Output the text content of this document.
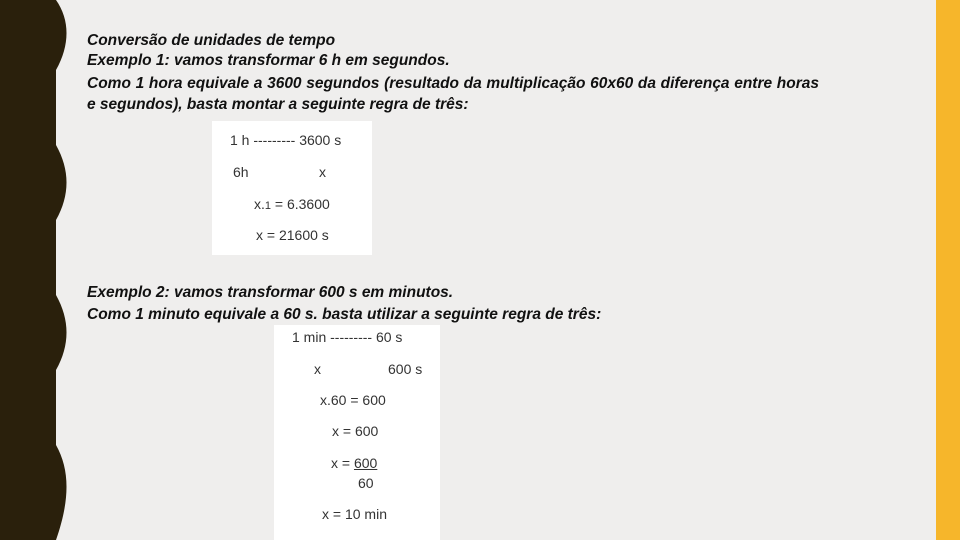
Conversão de unidades de tempo
Exemplo 1: vamos transformar 6 h em segundos.
Como 1 hora equivale a 3600 segundos (resultado da multiplicação 60x60 da diferença entre horas e segundos), basta montar a seguinte regra de três:
1 h --------- 3600 s
6h	x
x.1 = 6.3600
x = 21600 s
Exemplo 2: vamos transformar 600 s em minutos.
Como 1 minuto equivale a 60 s. basta utilizar a seguinte regra de três:
1 min --------- 60 s
x	600 s
x.60 = 600
x = 600
x = 600
60
x = 10 min
